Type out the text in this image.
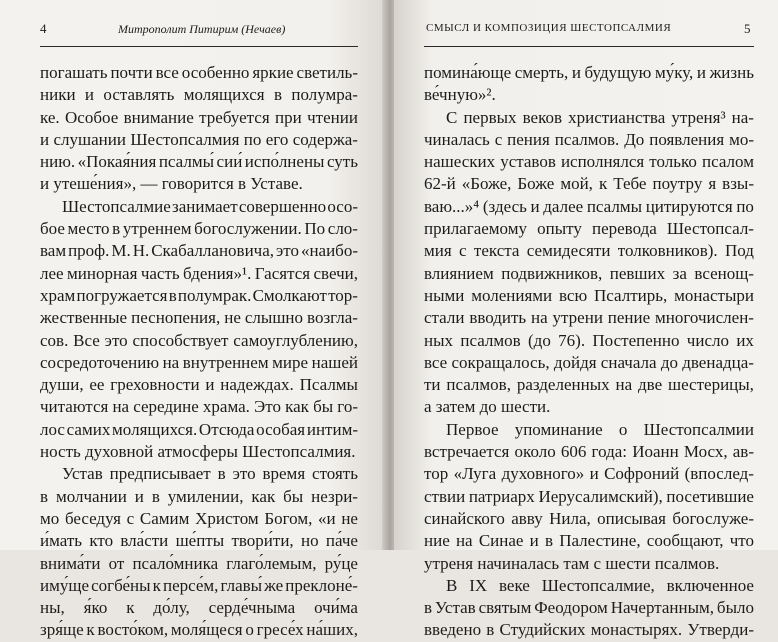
4	Митрополит Питирим (Нечаев)
погашать почти все особенно яркие светиль-
ники и оставлять молящихся в полумра-
ке. Особое внимание требуется при чтении
и слушании Шестопсалмия по его содержа-
нию. «Покая́ния псалмы́ сии́ испо́лнены суть
и утеше́ния», — говорится в Уставе.
Шестопсалмие занимает совершенно осо-
бое место в утреннем богослужении. По сло-
вам проф. М. Н. Скабаллановича, это «наибо-
лее минорная часть бдения»¹. Гасятся свечи,
храм погружается в полумрак. Смолкают тор-
жественные песнопения, не слышно возгла-
сов. Все это способствует самоуглублению,
сосредоточению на внутреннем мире нашей
души, ее греховности и надеждах. Псалмы
читаются на середине храма. Это как бы го-
лос самих молящихся. Отсюда особая интим-
ность духовной атмосферы Шестопсалмия.
Устав предписывает в это время стоять
в молчании и в умилении, как бы незри-
мо беседуя с Самим Христом Богом, «и не
и́мать кто вла́сти ше́пты твори́ти, но па́че
внима́ти от псало́мника глаго́лемым, ру́це
иму́ще согбе́ны к персе́м, главы́ же преклоне́-
ны, я́ко к до́лу, серде́чныма очи́ма
зря́ще к восто́ком, моля́щеся о гресе́х на́ших,
СМЫСЛ И КОМПОЗИЦИЯ ШЕСТОПСАЛМИЯ	5
помина́юще смерть, и будущую му́ку, и жизнь
ве́чную»².
С первых веков христианства утреня³ на-
чиналась с пения псалмов. До появления мо-
нашеских уставов исполнялся только псалом
62-й «Боже, Боже мой, к Тебе поутру я взы-
ваю...»⁴ (здесь и далее псалмы цитируются по
прилагаемому опыту перевода Шестопсал-
мия с текста семидесяти толковников). Под
влиянием подвижников, певших за всенощ-
ными молениями всю Псалтирь, монастыри
стали вводить на утрени пение многочислен-
ных псалмов (до 76). Постепенно число их
все сокращалось, дойдя сначала до двенадца-
ти псалмов, разделенных на две шестерицы,
а затем до шести.
Первое упоминание о Шестопсалмии
встречается около 606 года: Иоанн Мосх, ав-
тор «Луга духовного» и Софроний (впослед-
ствии патриарх Иерусалимский), посетившие
синайского авву Нила, описывая богослуже-
ние на Синае и в Палестине, сообщают, что
утреня начиналась там с шести псалмов.
В IX веке Шестопсалмие, включенное
в Устав святым Феодором Начертанным, было
введено в Студийских монастырях. Утверди-
